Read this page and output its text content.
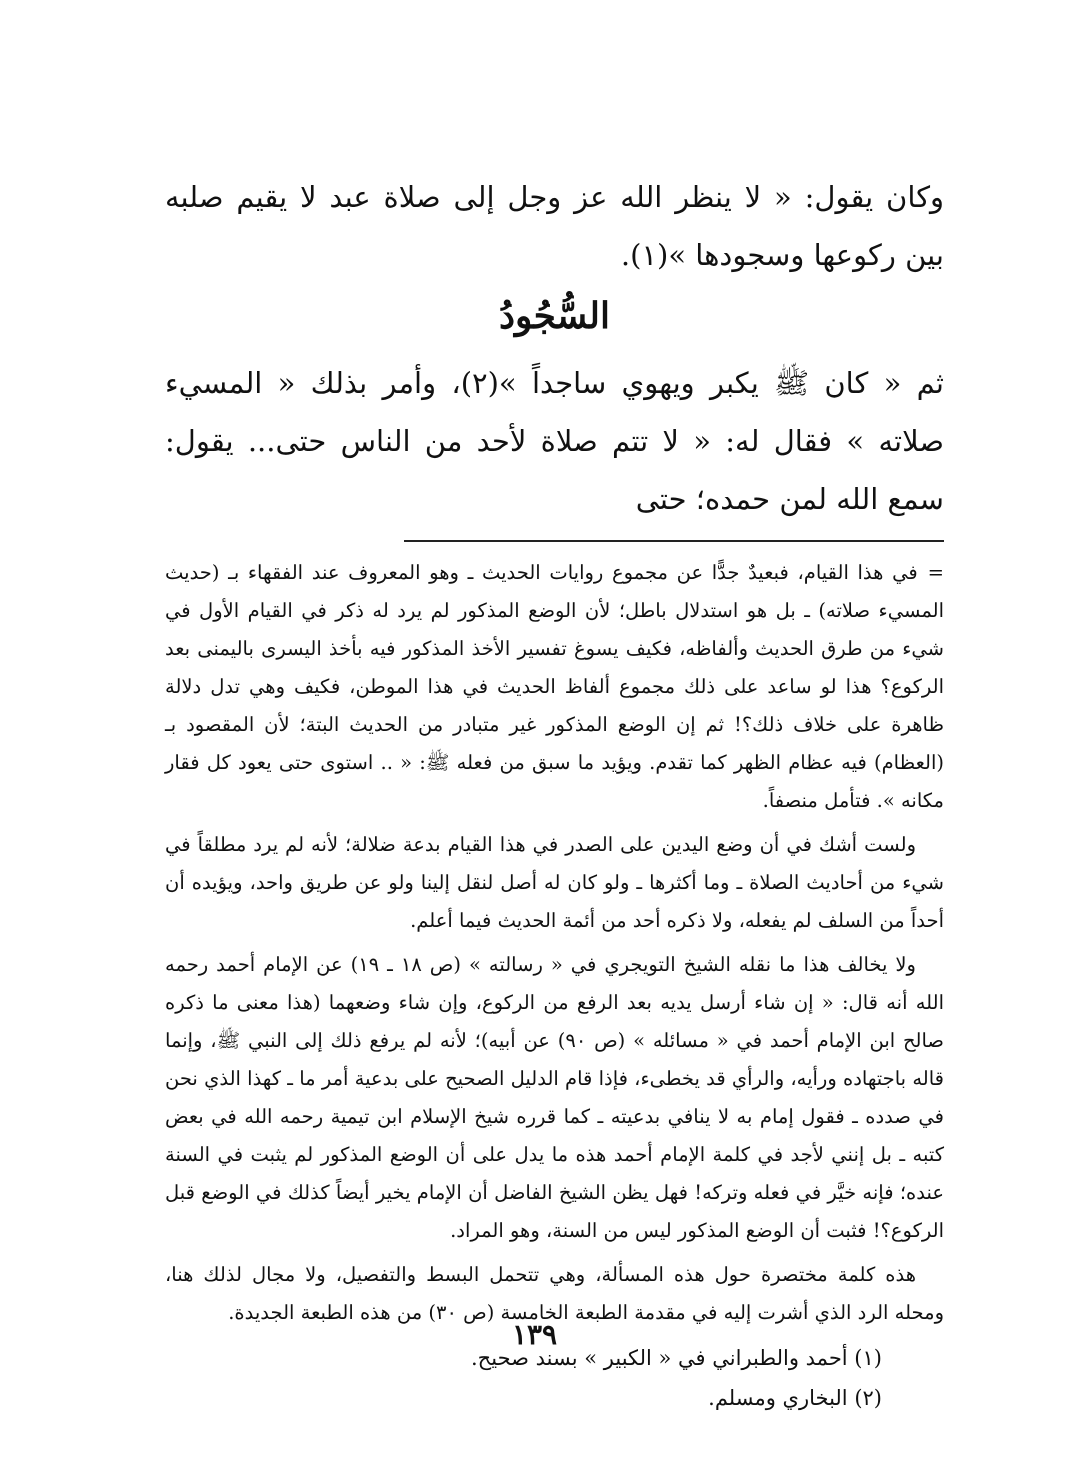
وكان يقول: « لا ينظر الله عز وجل إلى صلاة عبد لا يقيم صلبه بين ركوعها وسجودها »(١).

السُّجُودُ

ثم « كان ﷺ يكبر ويهوي ساجداً »(٢)، وأمر بذلك « المسيء صلاته » فقال له: « لا تتم صلاة لأحد من الناس حتى... يقول: سمع الله لمن حمده؛ حتى

=في هذا القيام، فبعيدٌ جدًّا عن مجموع روايات الحديث ـ وهو المعروف عند الفقهاء بـ (حديث المسيء صلاته) ـ بل هو استدلال باطل؛ لأن الوضع المذكور لم يرد له ذكر في القيام الأول في شيء من طرق الحديث وألفاظه، فكيف يسوغ تفسير الأخذ المذكور فيه بأخذ اليسرى باليمنى بعد الركوع؟ هذا لو ساعد على ذلك مجموع ألفاظ الحديث في هذا الموطن، فكيف وهي تدل دلالة ظاهرة على خلاف ذلك؟! ثم إن الوضع المذكور غير متبادر من الحديث البتة؛ لأن المقصود بـ (العظام) فيه عظام الظهر كما تقدم. ويؤيد ما سبق من فعله ﷺ: « .. استوى حتى يعود كل فقار مكانه ». فتأمل منصفاً.

ولست أشك في أن وضع اليدين على الصدر في هذا القيام بدعة ضلالة؛ لأنه لم يرد مطلقاً في شيء من أحاديث الصلاة ـ وما أكثرها ـ ولو كان له أصل لنقل إلينا ولو عن طريق واحد، ويؤيده أن أحداً من السلف لم يفعله، ولا ذكره أحد من أئمة الحديث فيما أعلم.

ولا يخالف هذا ما نقله الشيخ التويجري في « رسالته » (ص ١٨ ـ ١٩) عن الإمام أحمد رحمه الله أنه قال: « إن شاء أرسل يديه بعد الرفع من الركوع، وإن شاء وضعهما (هذا معنى ما ذكره صالح ابن الإمام أحمد في « مسائله » (ص ٩٠) عن أبيه)؛ لأنه لم يرفع ذلك إلى النبي ﷺ، وإنما قاله باجتهاده ورأيه، والرأي قد يخطىء، فإذا قام الدليل الصحيح على بدعية أمر ما ـ كهذا الذي نحن في صدده ـ فقول إمام به لا ينافي بدعيته ـ كما قرره شيخ الإسلام ابن تيمية رحمه الله في بعض كتبه ـ بل إنني لأجد في كلمة الإمام أحمد هذه ما يدل على أن الوضع المذكور لم يثبت في السنة عنده؛ فإنه خيَّر في فعله وتركه! فهل يظن الشيخ الفاضل أن الإمام يخير أيضاً كذلك في الوضع قبل الركوع؟! فثبت أن الوضع المذكور ليس من السنة، وهو المراد.

هذه كلمة مختصرة حول هذه المسألة، وهي تتحمل البسط والتفصيل، ولا مجال لذلك هنا، ومحله الرد الذي أشرت إليه في مقدمة الطبعة الخامسة (ص ٣٠) من هذه الطبعة الجديدة.

(١) أحمد والطبراني في « الكبير » بسند صحيح.
(٢) البخاري ومسلم.
١٣٩
